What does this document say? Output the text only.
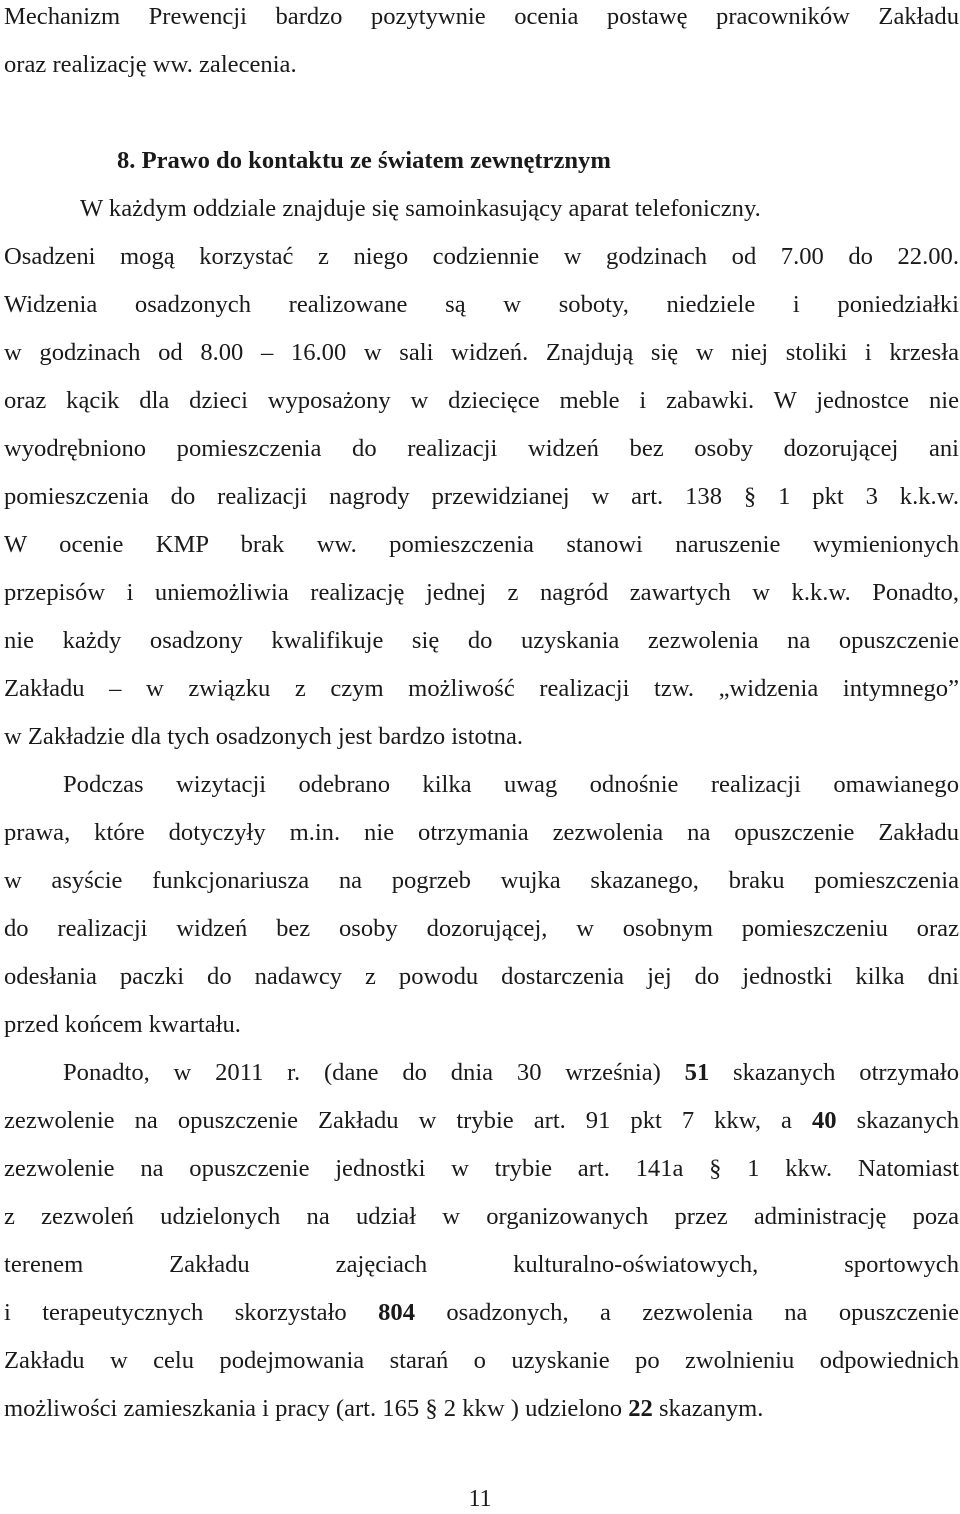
Mechanizm Prewencji bardzo pozytywnie ocenia postawę pracowników Zakładu
oraz realizację ww. zalecenia.
8. Prawo do kontaktu ze światem zewnętrznym
W każdym oddziale znajduje się samoinkasujący aparat telefoniczny.
Osadzeni mogą korzystać z niego codziennie w godzinach od 7.00 do 22.00.
Widzenia osadzonych realizowane są w soboty, niedziele i poniedziałki
w godzinach od 8.00 – 16.00 w sali widzeń. Znajdują się w niej stoliki i krzesła
oraz kącik dla dzieci wyposażony w dziecięce meble i zabawki. W jednostce nie
wyodrębniono pomieszczenia do realizacji widzeń bez osoby dozorującej ani
pomieszczenia do realizacji nagrody przewidzianej w art. 138 § 1 pkt 3 k.k.w.
W ocenie KMP brak ww. pomieszczenia stanowi naruszenie wymienionych
przepisów i uniemożliwia realizację jednej z nagród zawartych w k.k.w. Ponadto,
nie każdy osadzony kwalifikuje się do uzyskania zezwolenia na opuszczenie
Zakładu – w związku z czym możliwość realizacji tzw. „widzenia intymnego”
w Zakładzie dla tych osadzonych jest bardzo istotna.
Podczas wizytacji odebrano kilka uwag odnośnie realizacji omawianego
prawa, które dotyczyły m.in. nie otrzymania zezwolenia na opuszczenie Zakładu
w asyście funkcjonariusza na pogrzeb wujka skazanego, braku pomieszczenia
do realizacji widzeń bez osoby dozorującej, w osobnym pomieszczeniu oraz
odesłania paczki do nadawcy z powodu dostarczenia jej do jednostki kilka dni
przed końcem kwartału.
Ponadto, w 2011 r. (dane do dnia 30 września) 51 skazanych otrzymało
zezwolenie na opuszczenie Zakładu w trybie art. 91 pkt 7 kkw, a 40 skazanych
zezwolenie na opuszczenie jednostki w trybie art. 141a § 1 kkw. Natomiast
z zezwoleń udzielonych na udział w organizowanych przez administrację poza
terenem Zakładu zajęciach kulturalno-oświatowych, sportowych
i terapeutycznych skorzystało 804 osadzonych, a zezwolenia na opuszczenie
Zakładu w celu podejmowania starań o uzyskanie po zwolnieniu odpowiednich
możliwości zamieszkania i pracy (art. 165 § 2 kkw ) udzielono 22 skazanym.
11
